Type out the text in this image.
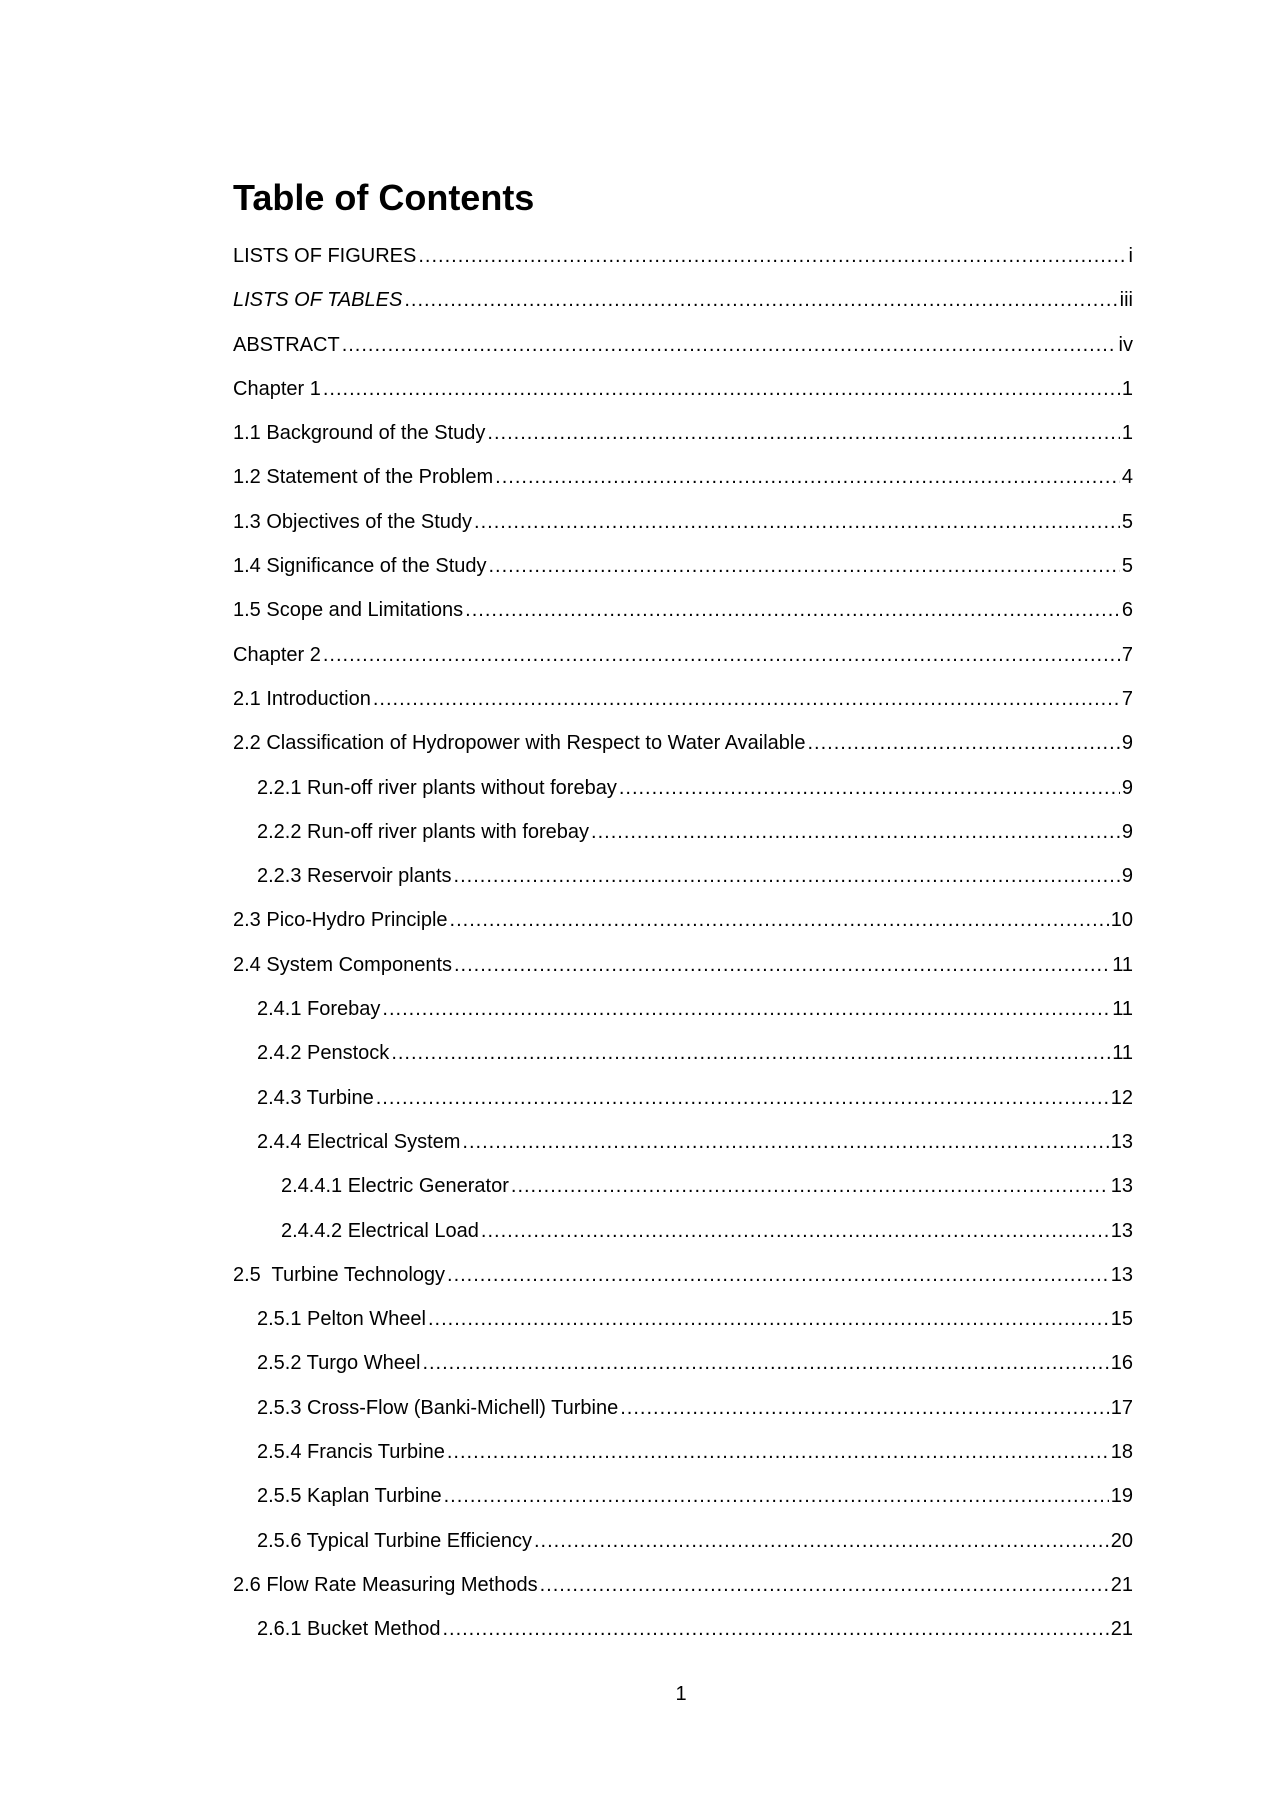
Table of Contents
LISTS OF FIGURES .....	i
LISTS OF TABLES .....	iii
ABSTRACT .....	iv
Chapter 1 .....	1
1.1 Background of the Study .....	1
1.2 Statement of the Problem .....	4
1.3 Objectives of the Study .....	5
1.4 Significance of the Study .....	5
1.5 Scope and Limitations .....	6
Chapter 2 .....	7
2.1 Introduction .....	7
2.2 Classification of Hydropower with Respect to Water Available .....	9
2.2.1 Run-off river plants without forebay .....	9
2.2.2 Run-off river plants with forebay .....	9
2.2.3 Reservoir plants .....	9
2.3 Pico-Hydro Principle .....	10
2.4 System Components .....	11
2.4.1 Forebay .....	11
2.4.2 Penstock .....	11
2.4.3 Turbine .....	12
2.4.4 Electrical System .....	13
2.4.4.1 Electric Generator .....	13
2.4.4.2 Electrical Load .....	13
2.5  Turbine Technology .....	13
2.5.1 Pelton Wheel .....	15
2.5.2 Turgo Wheel .....	16
2.5.3 Cross-Flow (Banki-Michell) Turbine .....	17
2.5.4 Francis Turbine .....	18
2.5.5 Kaplan Turbine .....	19
2.5.6 Typical Turbine Efficiency .....	20
2.6 Flow Rate Measuring Methods .....	21
2.6.1 Bucket Method .....	21
1
